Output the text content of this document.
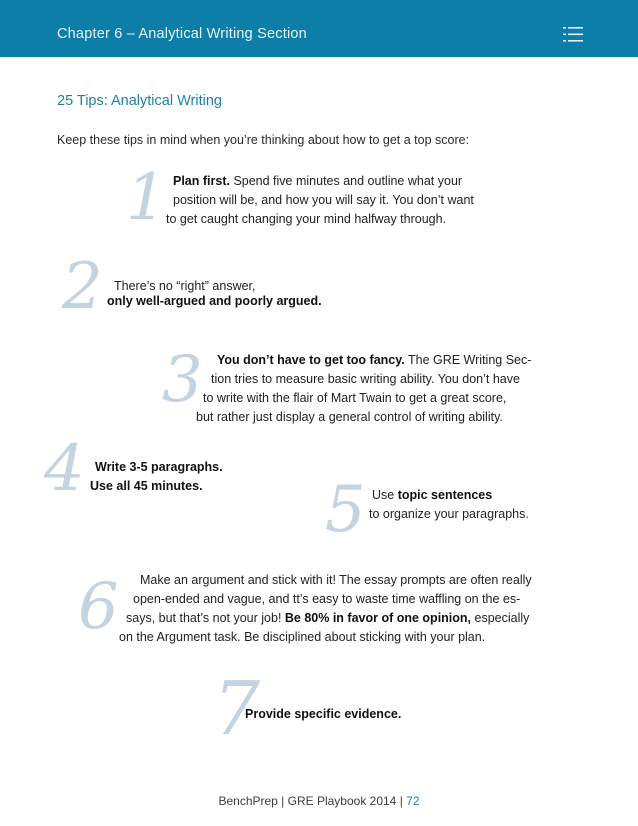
Chapter 6 – Analytical Writing Section
25 Tips: Analytical Writing
Keep these tips in mind when you’re thinking about how to get a top score:
1 Plan first. Spend five minutes and outline what your
position will be, and how you will say it. You don’t want
to get caught changing your mind halfway through.
2 There’s no “right” answer,
only well-argued and poorly argued.
3 You don’t have to get too fancy. The GRE Writing Sec-
tion tries to measure basic writing ability. You don’t have
to write with the flair of Mart Twain to get a great score,
but rather just display a general control of writing ability.
4 Write 3-5 paragraphs.
Use all 45 minutes. 5 Use topic sentences
to organize your paragraphs.
6 Make an argument and stick with it! The essay prompts are often really
open-ended and vague, and tt’s easy to waste time waffling on the es-
says, but that’s not your job! Be 80% in favor of one opinion, especially
on the Argument task. Be disciplined about sticking with your plan.
7
Provide specific evidence.
BenchPrep | GRE Playbook 2014 | 72
